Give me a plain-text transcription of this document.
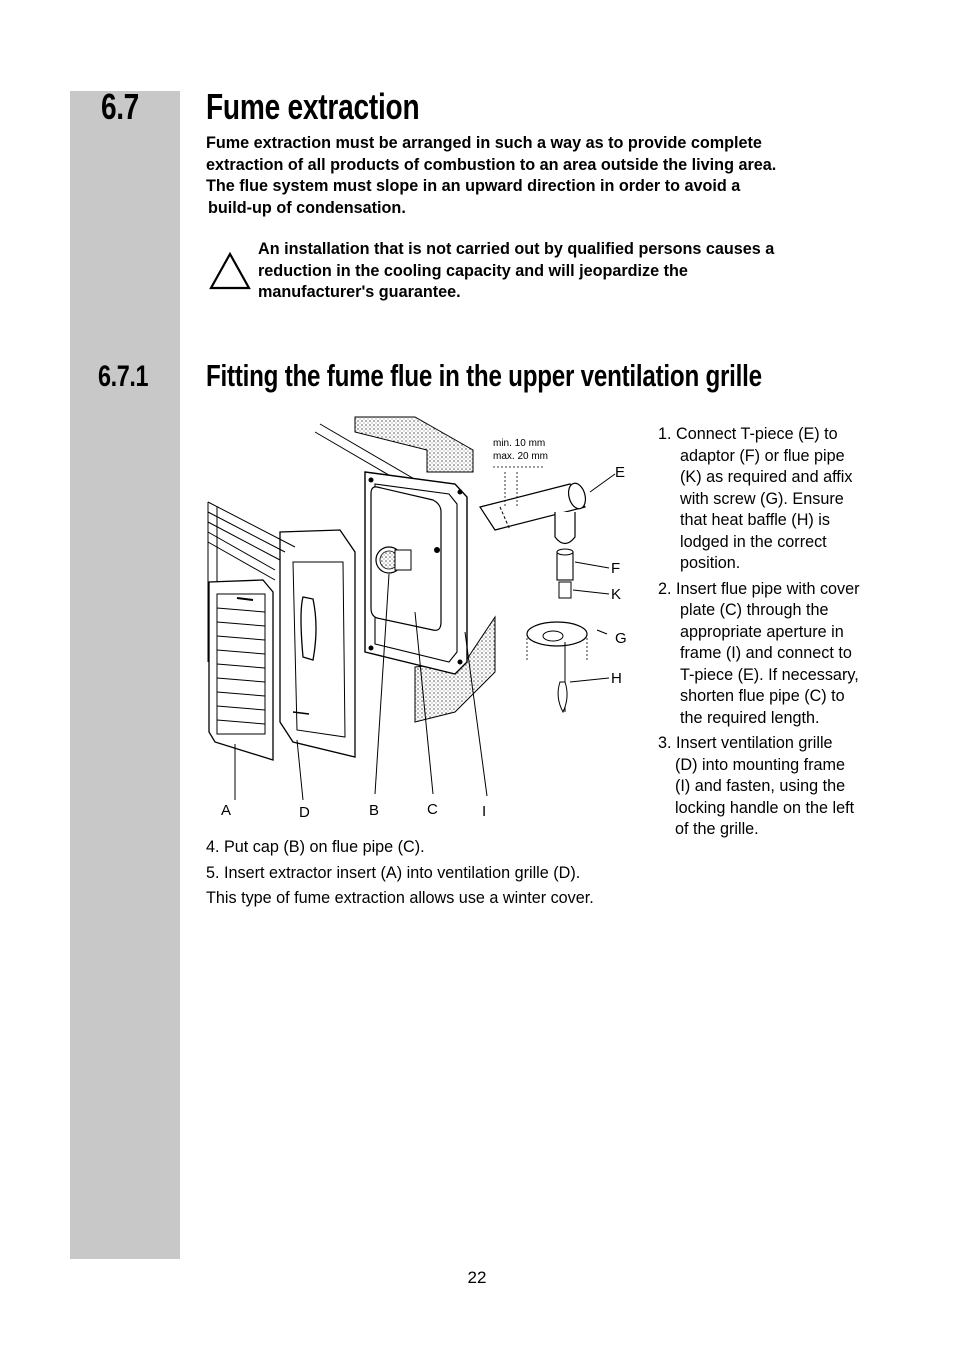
6.7 Fume extraction

Fume extraction must be arranged in such a way as to provide complete

extraction of all products of combustion to an area outside the living area.

The flue system must slope in an upward direction in order to avoid a

build-up of condensation.

An installation that is not carried out by qualified persons causes a

reduction in the cooling capacity and will jeopardize the

manufacturer's guarantee.

6.7.1 Fitting the fume flue in the upper ventilation grille
min. 10 mm
max. 20 mm
A	D	B	C	I
E
F
K
G
H
1. Connect T-piece (E) to
adaptor (F) or flue pipe
(K) as required and affix
with screw (G). Ensure
that heat baffle (H) is
lodged in the correct
position.
2. Insert flue pipe with cover
plate (C) through the
appropriate aperture in
frame (I) and connect to
T-piece (E). If necessary,
shorten flue pipe (C) to
the required length.
3. Insert ventilation grille
(D) into mounting frame
(I) and fasten, using the
locking handle on the left
of the grille.
4. Put cap (B) on flue pipe (C).
5. Insert extractor insert (A) into ventilation grille (D).
This type of fume extraction allows use a winter cover.
22
